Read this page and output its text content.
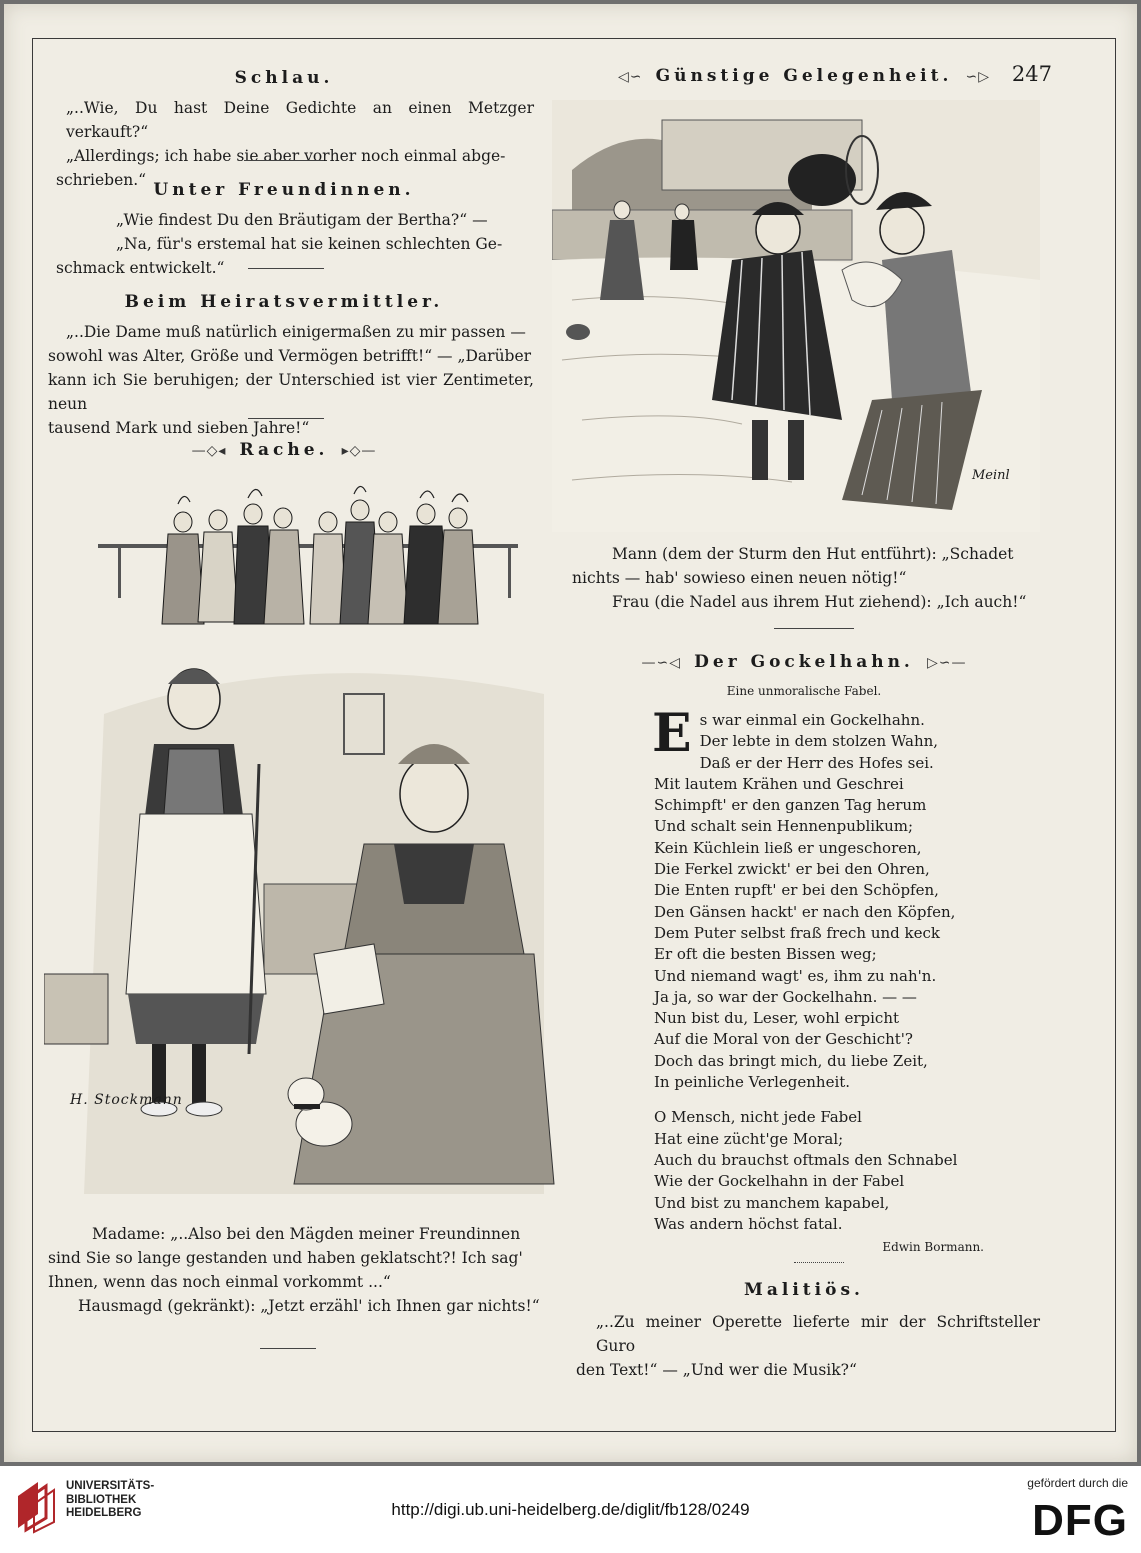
Schlau.
„..Wie, Du hast Deine Gedichte an einen Metzger verkauft?“
„Allerdings; ich habe sie aber vorher noch einmal abge-
schrieben.“ Unter Freundinnen.
„Wie findest Du den Bräutigam der Bertha?“ —
„Na, für's erstemal hat sie keinen schlechten Ge-
schmack entwickelt.“
Beim Heiratsvermittler.
„..Die Dame muß natürlich einigermaßen zu mir passen —
sowohl was Alter, Größe und Vermögen betrifft!“ — „Darüber
kann ich Sie beruhigen; der Unterschied ist vier Zentimeter, neun
tausend Mark und sieben Jahre!“
—◇◂ Rache. ▸◇—
H. Stockmann
Madame: „..Also bei den Mägden meiner Freundinnen
sind Sie so lange gestanden und haben geklatscht?! Ich sag'
Ihnen, wenn das noch einmal vorkommt ...“
Hausmagd (gekränkt): „Jetzt erzähl' ich Ihnen gar nichts!“
◁∽ Günstige Gelegenheit. ∽▷	247
Meinl
Mann (dem der Sturm den Hut entführt): „Schadet
nichts — hab' sowieso einen neuen nötig!“
Frau (die Nadel aus ihrem Hut ziehend): „Ich auch!“
—∽◁ Der Gockelhahn. ▷∽—
Eine unmoralische Fabel.
E s war einmal ein Gockelhahn.
Der lebte in dem stolzen Wahn,
Daß er der Herr des Hofes sei.
Mit lautem Krähen und Geschrei
Schimpft' er den ganzen Tag herum
Und schalt sein Hennenpublikum;
Kein Küchlein ließ er ungeschoren,
Die Ferkel zwickt' er bei den Ohren,
Die Enten rupft' er bei den Schöpfen,
Den Gänsen hackt' er nach den Köpfen,
Dem Puter selbst fraß frech und keck
Er oft die besten Bissen weg;
Und niemand wagt' es, ihm zu nah'n.
Ja ja, so war der Gockelhahn. — —
Nun bist du, Leser, wohl erpicht
Auf die Moral von der Geschicht'?
Doch das bringt mich, du liebe Zeit,
In peinliche Verlegenheit.
O Mensch, nicht jede Fabel
Hat eine zücht'ge Moral;
Auch du brauchst oftmals den Schnabel
Wie der Gockelhahn in der Fabel
Und bist zu manchem kapabel,
Was andern höchst fatal.
Edwin Bormann.
Malitiös.
„..Zu meiner Operette lieferte mir der Schriftsteller Guro
den Text!“ — „Und wer die Musik?“
UNIVERSITÄTS-
BIBLIOTHEK
HEIDELBERG	http://digi.ub.uni-heidelberg.de/diglit/fb128/0249
gefördert durch die
DFG
